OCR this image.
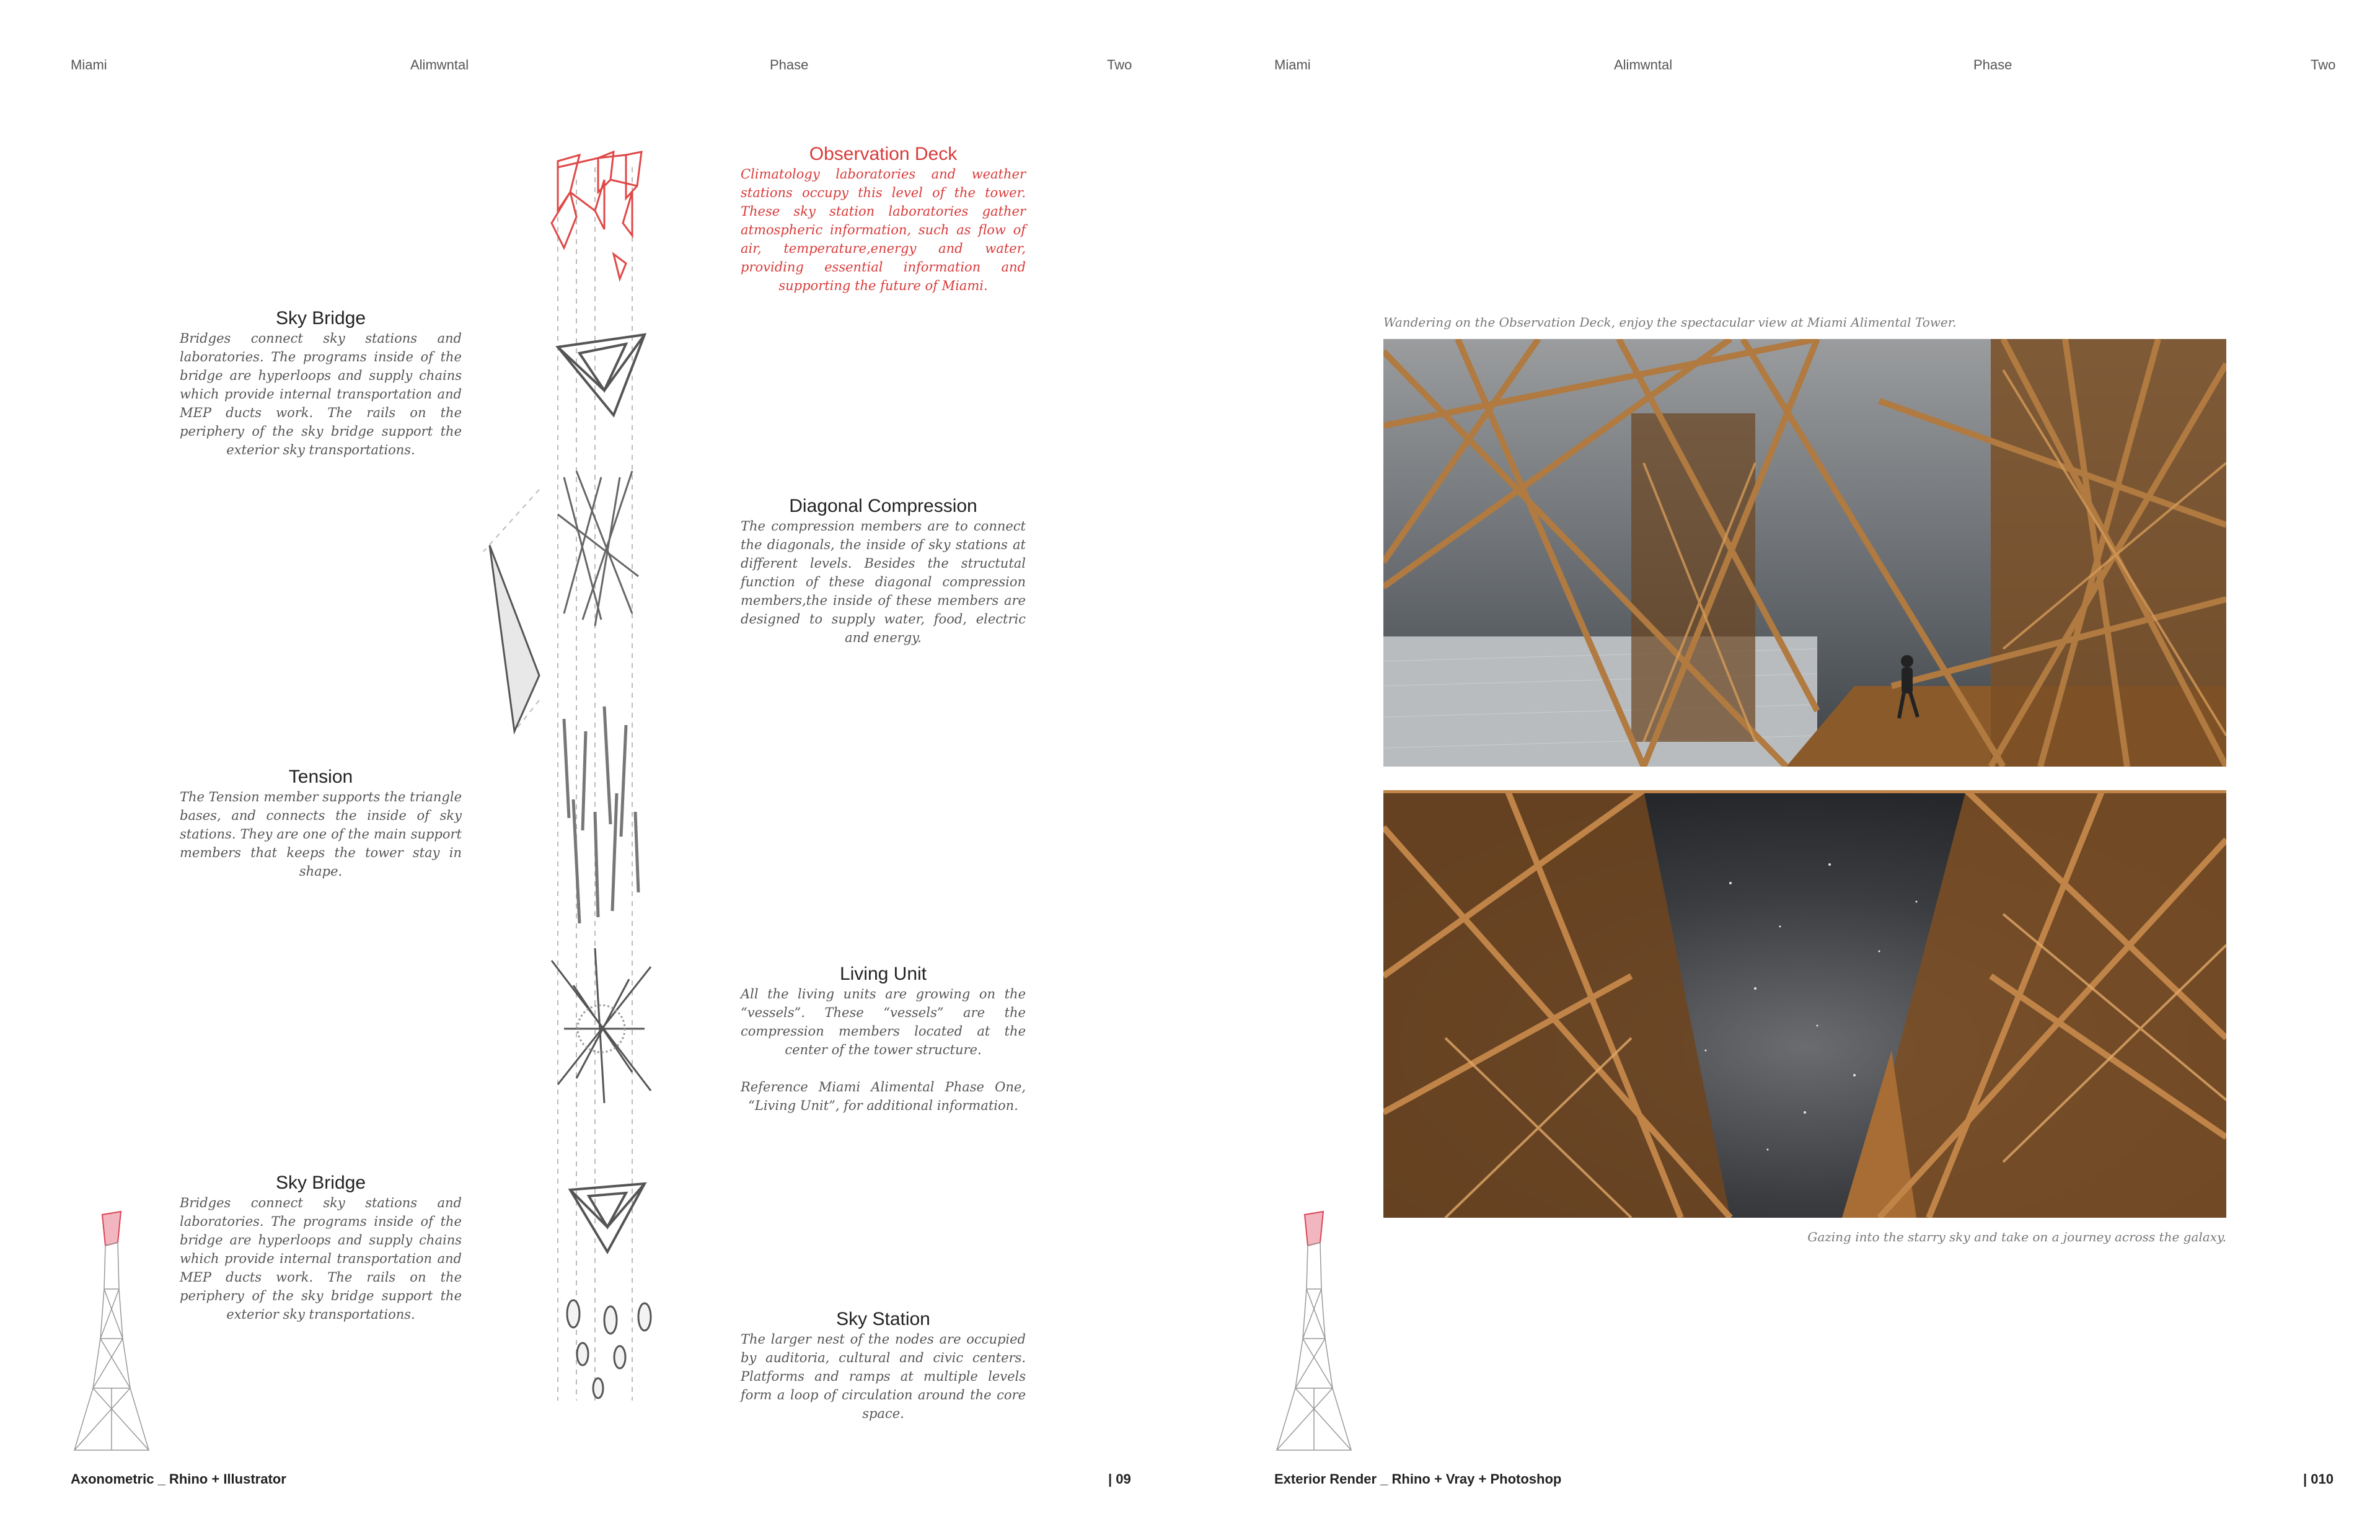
Miami	Alimwntal	Phase	Two	Miami	Alimwntal	Phase	Two
Observation Deck
Climatology laboratories and weather stations occupy this level of the tower. These sky station laboratories gather atmospheric information, such as flow of air, temperature,energy and water, providing essential information and supporting the future of Miami.
Sky Bridge
Bridges connect sky stations and laboratories. The programs inside of the bridge are hyperloops and supply chains which provide internal transportation and MEP ducts work. The rails on the periphery of the sky bridge support the exterior sky transportations.
Diagonal Compression
The compression members are to connect the diagonals, the inside of sky stations at different levels. Besides the structutal function of these diagonal compression members,the inside of these members are designed to supply water, food, electric and energy.
Tension
The Tension member supports the triangle bases, and connects the inside of sky stations. They are one of the main support members that keeps the tower stay in shape.
Living Unit
All the living units are growing on the “vessels”. These “vessels” are the compression members located at the center of the tower structure.
Reference Miami Alimental Phase One, “Living Unit”, for additional information.
Sky Bridge
Bridges connect sky stations and laboratories. The programs inside of the bridge are hyperloops and supply chains which provide internal transportation and MEP ducts work. The rails on the periphery of the sky bridge support the exterior sky transportations.	Sky Station
The larger nest of the nodes are occupied by auditoria, cultural and civic centers. Platforms and ramps at multiple levels form a loop of circulation around the core space.
Wandering on the Observation Deck, enjoy the spectacular view at Miami Alimental Tower.
Gazing into the starry sky and take on a journey across the galaxy.
Axonometric _ Rhino + Illustrator	| 09	Exterior Render _ Rhino + Vray + Photoshop	| 010
